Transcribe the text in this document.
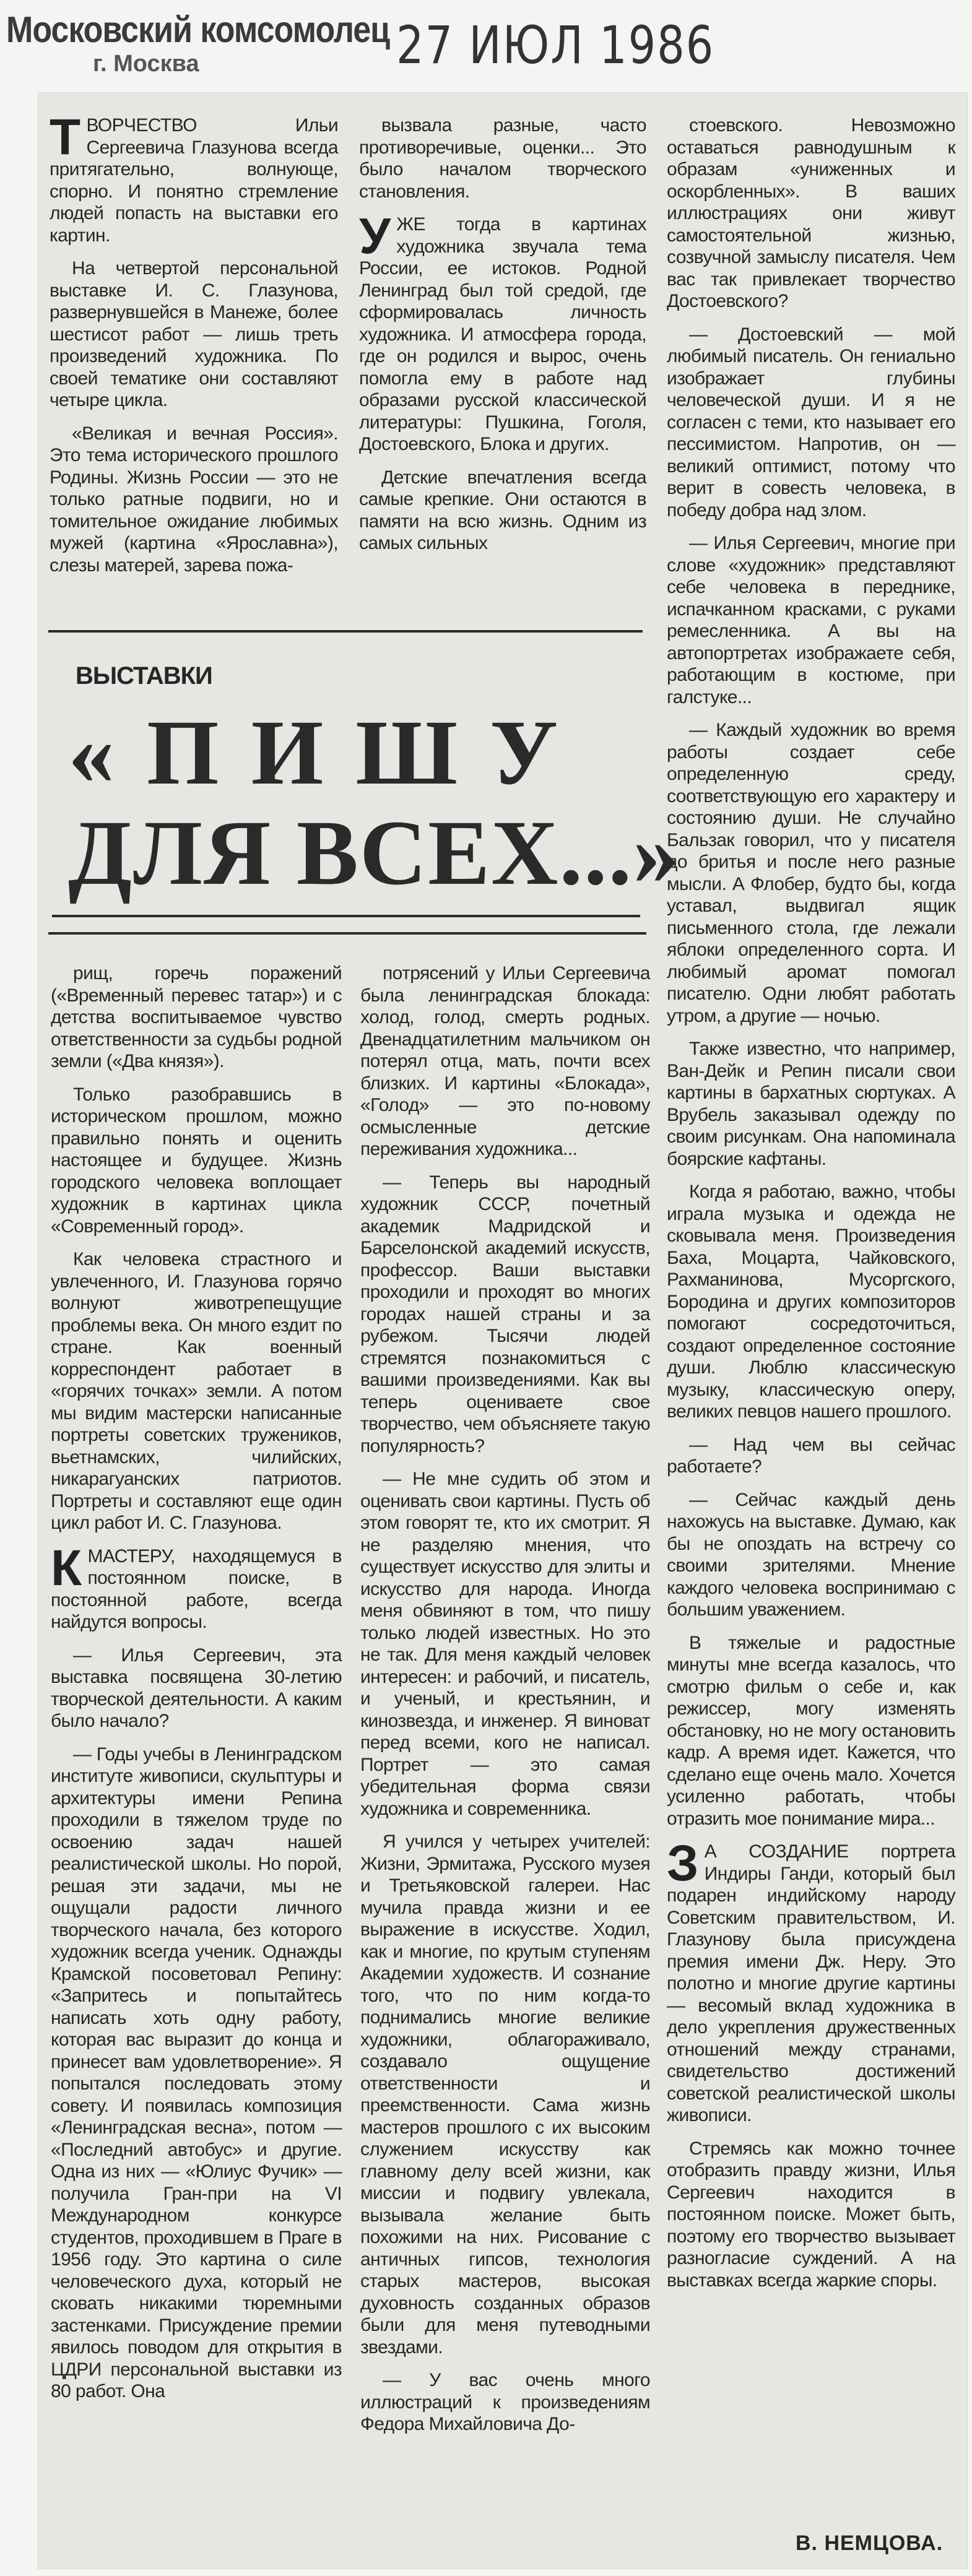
Московский комсомолец
г. Москва	27 ИЮЛ 1986

ТВОРЧЕСТВО Ильи Сергеевича Глазунова всегда притягательно, волнующе, спорно. И понятно стремление людей попасть на выставки его картин.

На четвертой персональной выставке И. С. Глазунова, развернувшейся в Манеже, более шестисот работ — лишь треть произведений художника. По своей тематике они составляют четыре цикла.

«Великая и вечная Россия». Это тема исторического прошлого Родины. Жизнь России — это не только ратные подвиги, но и томительное ожидание любимых мужей (картина «Ярославна»), слезы матерей, зарева пожа-

вызвала разные, часто противоречивые, оценки... Это было началом творческого становления.

УЖЕ тогда в картинах художника звучала тема России, ее истоков. Родной Ленинград был той средой, где сформировалась личность художника. И атмосфера города, где он родился и вырос, очень помогла ему в работе над образами русской классической литературы: Пушкина, Гоголя, Достоевского, Блока и других.

Детские впечатления всегда самые крепкие. Они остаются в памяти на всю жизнь. Одним из самых сильных

стоевского. Невозможно оставаться равнодушным к образам «униженных и оскорбленных». В ваших иллюстрациях они живут самостоятельной жизнью, созвучной замыслу писателя. Чем вас так привлекает творчество Достоевского?

— Достоевский — мой любимый писатель. Он гениально изображает глубины человеческой души. И я не согласен с теми, кто называет его пессимистом. Напротив, он — великий оптимист, потому что верит в совесть человека, в победу добра над злом.

— Илья Сергеевич, многие при слове «художник» представляют себе человека в переднике, испачканном красками, с руками ремесленника. А вы на автопортретах изображаете себя, работающим в костюме, при галстуке...

— Каждый художник во время работы создает себе определенную среду, соответствующую его характеру и состоянию души. Не случайно Бальзак говорил, что у писателя до бритья и после него разные мысли. А Флобер, будто бы, когда уставал, выдвигал ящик письменного стола, где лежали яблоки определенного сорта. И любимый аромат помогал писателю. Одни любят работать утром, а другие — ночью.

Также известно, что например, Ван-Дейк и Репин писали свои картины в бархатных сюртуках. А Врубель заказывал одежду по своим рисункам. Она напоминала боярские кафтаны.

Когда я работаю, важно, чтобы играла музыка и одежда не сковывала меня. Произведения Баха, Моцарта, Чайковского, Рахманинова, Мусоргского, Бородина и других композиторов помогают сосредоточиться, создают определенное состояние души. Люблю классическую музыку, классическую оперу, великих певцов нашего прошлого.

— Над чем вы сейчас работаете?

— Сейчас каждый день нахожусь на выставке. Думаю, как бы не опоздать на встречу со своими зрителями. Мнение каждого человека воспринимаю с большим уважением.

В тяжелые и радостные минуты мне всегда казалось, что смотрю фильм о себе и, как режиссер, могу изменять обстановку, но не могу остановить кадр. А время идет. Кажется, что сделано еще очень мало. Хочется усиленно работать, чтобы отразить мое понимание мира...

З А СОЗДАНИЕ портрета Индиры Ганди, который был подарен индийскому народу Советским правительством, И. Глазунову была присуждена премия имени Дж. Неру. Это полотно и многие другие картины — весомый вклад художника в дело укрепления дружественных отношений между странами, свидетельство достижений советской реалистической школы живописи.

Стремясь как можно точнее отобразить правду жизни, Илья Сергеевич находится в постоянном поиске. Может быть, поэтому его творчество вызывает разногласие суждений. А на выставках всегда жаркие споры.

ВЫСТАВКИ
«ПИШУ
ДЛЯ ВСЕХ...»

рищ, горечь поражений («Временный перевес татар») и с детства воспитываемое чувство ответственности за судьбы родной земли («Два князя»).

Только разобравшись в историческом прошлом, можно правильно понять и оценить настоящее и будущее. Жизнь городского человека воплощает художник в картинах цикла «Современный город».

Как человека страстного и увлеченного, И. Глазунова горячо волнуют животрепещущие проблемы века. Он много ездит по стране. Как военный корреспондент работает в «горячих точках» земли. А потом мы видим мастерски написанные портреты советских тружеников, вьетнамских, чилийских, никарагуанских патриотов. Портреты и составляют еще один цикл работ И. С. Глазунова.

КМАСТЕРУ, находящемуся в постоянном поиске, в постоянной работе, всегда найдутся вопросы.

— Илья Сергеевич, эта выставка посвящена 30-летию творческой деятельности. А каким было начало?

— Годы учебы в Ленинградском институте живописи, скульптуры и архитектуры имени Репина проходили в тяжелом труде по освоению задач нашей реалистической школы. Но порой, решая эти задачи, мы не ощущали радости личного творческого начала, без которого художник всегда ученик. Однажды Крамской посоветовал Репину: «Запритесь и попытайтесь написать хоть одну работу, которая вас выразит до конца и принесет вам удовлетворение». Я попытался последовать этому совету. И появилась композиция «Ленинградская весна», потом — «Последний автобус» и другие. Одна из них — «Юлиус Фучик» — получила Гран-при на VI Международном конкурсе студентов, проходившем в Праге в 1956 году. Это картина о силе человеческого духа, который не сковать никакими тюремными застенками. Присуждение премии явилось поводом для открытия в ЦДРИ персональной выставки из 80 работ. Она

потрясений у Ильи Сергеевича была ленинградская блокада: холод, голод, смерть родных. Двенадцатилетним мальчиком он потерял отца, мать, почти всех близких. И картины «Блокада», «Голод» — это по-новому осмысленные детские переживания художника...

— Теперь вы народный художник СССР, почетный академик Мадридской и Барселонской академий искусств, профессор. Ваши выставки проходили и проходят во многих городах нашей страны и за рубежом. Тысячи людей стремятся познакомиться с вашими произведениями. Как вы теперь оцениваете свое творчество, чем объясняете такую популярность?

— Не мне судить об этом и оценивать свои картины. Пусть об этом говорят те, кто их смотрит. Я не разделяю мнения, что существует искусство для элиты и искусство для народа. Иногда меня обвиняют в том, что пишу только людей известных. Но это не так. Для меня каждый человек интересен: и рабочий, и писатель, и ученый, и крестьянин, и кинозвезда, и инженер. Я виноват перед всеми, кого не написал. Портрет — это самая убедительная форма связи художника и современника.

Я учился у четырех учителей: Жизни, Эрмитажа, Русского музея и Третьяковской галереи. Нас мучила правда жизни и ее выражение в искусстве. Ходил, как и многие, по крутым ступеням Академии художеств. И сознание того, что по ним когда-то поднимались многие великие художники, облагораживало, создавало ощущение ответственности и преемственности. Сама жизнь мастеров прошлого с их высоким служением искусству как главному делу всей жизни, как миссии и подвигу увлекала, вызывала желание быть похожими на них. Рисование с античных гипсов, технология старых мастеров, высокая духовность созданных образов были для меня путеводными звездами.

— У вас очень много иллюстраций к произведениям Федора Михайловича До-

В. НЕМЦОВА.
